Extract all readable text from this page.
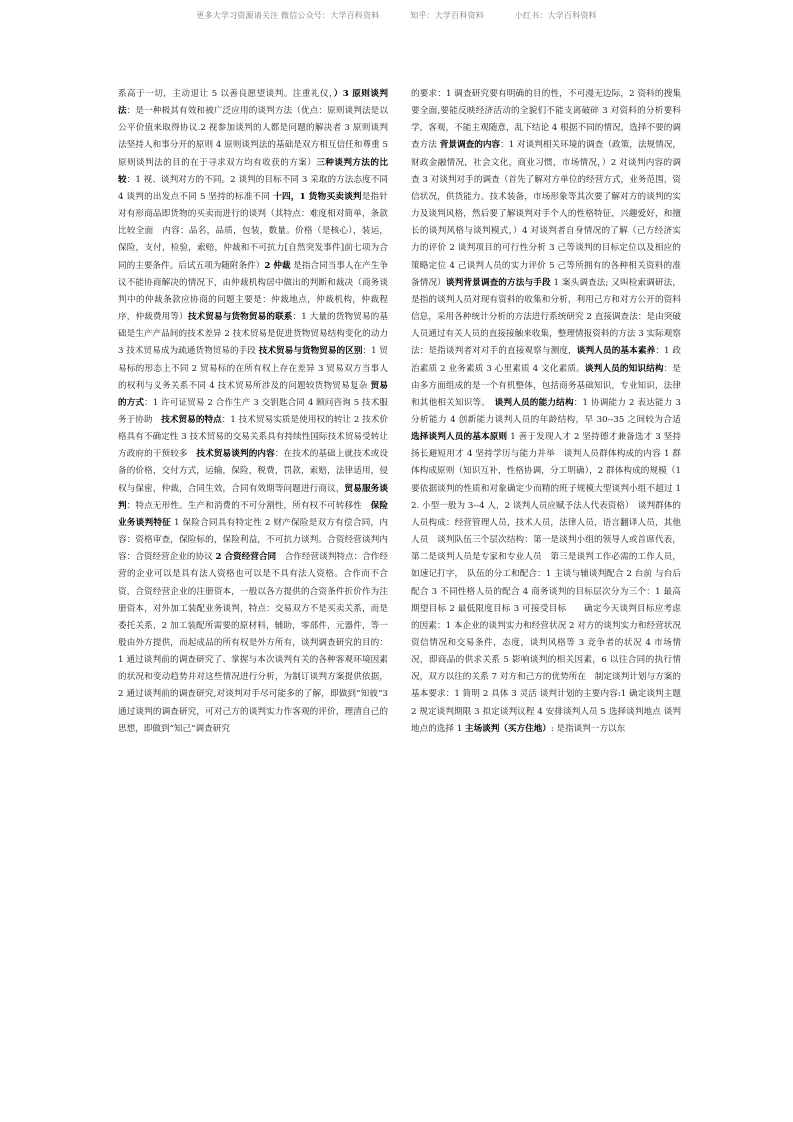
更多大学习资源请关注 微信公众号：大学百科资料	知乎：大学百科资料	小红书：大学百科资料
系高于一切，主动退让 5 以善良愿望谈判。注重礼仪，）3 原则谈判法：是一种极其有效和被广泛应用的谈判方法（优点：原则谈判法是以公平价值来取得协议.2 视参加谈判的人都是问题的解决者 3 原则谈判法坚持人和事分开的原则 4 原则谈判法的基础是双方相互信任和尊重 5 原则谈判法的目的在于寻求双方均有收获的方案）三种谈判方法的比较：1 视、谈判对方的不同。2 谈判的目标不同 3 采取的方法态度不同 4 谈判的出发点不同 5 坚持的标准不同 十四，1 货物买卖谈判是指针对有形商品即货物的买卖而进行的谈判（其特点：难度相对简单，条款比较全面　内容：品名，品质，包装，数量。价格（是核心），装运，保险，支付，检验，索赔，仲裁和不可抗力[自然突发事件]前七项为合同的主要条件。后试五项为随附条件）2 仲裁 是指合同当事人在产生争议不能协商解决的情况下，由仲裁机构居中做出的判断和裁决（商务谈判中的仲裁条款应协商的问题主要是：仲裁地点，仲裁机构，仲裁程序，仲裁费用等）技术贸易与货物贸易的联系：1 大量的货物贸易的基础是生产产品间的技术差异 2 技术贸易是促进货物贸易结构变化的动力 3 技术贸易成为疏通货物贸易的手段 技术贸易与货物贸易的区别：1 贸易标的形态上不同 2 贸易标的在所有权上存在差异 3 贸易双方当事人的权利与义务关系不同 4 技术贸易所涉及的问题较货物贸易复杂 贸易的方式：1 许可证贸易 2 合作生产 3 交钥匙合同 4 顾问咨询 5 技术服务于协助　技术贸易的特点：1 技术贸易实质是使用权的转让 2 技术价格具有不确定性 3 技术贸易的交易关系具有持续性国际技术贸易受转让方政府的干预较多　技术贸易谈判的内容：在技术的基础上就技术或设备的价格，交付方式，运输，保险，税费，罚款，索赔，法律适用，侵权与保密，仲裁，合同生效，合同有效期等问题进行商议，贸易服务谈判：特点无形性。生产和消费的不可分割性，所有权不可转移性　保险业务谈判特征 1 保险合同具有特定性 2 财产保险是双方有偿合同，内容：资格审查，保险标的，保险利益，不可抗力谈判。合资经营谈判内容：合资经营企业的协议 2 合资经营合同　合作经营谈判特点：合作经营的企业可以是具有法人资格也可以是不具有法人资格。合作而不合资，合资经营企业的注册资本，一般以各方提供的合资条件折价作为注册资本，对外加工装配业务谈判，特点：交易双方不是买卖关系，而是委托关系，2 加工装配所需要的原材料，辅助，零部件，元器件，等一般由外方提供，而起成品的所有权是外方所有，谈判调查研究的目的：1 通过谈判前的调查研究了、掌握与本次谈判有关的各种客观环境因素的状况和变动趋势并对这些情况进行分析，为制订谈判方案提供依据，2 通过谈判前的调查研究,对谈判对手尽可能多的了解，即做到“知彼”3 通过谈判的调查研究，可对己方的谈判实力作客观的评价，理清自己的思想，即做到“知己”调查研究
的要求：1 调查研究要有明确的目的性，不可漫无边际，2 资料的搜集要全面,要能反映经济活动的全貌们不能支离破碎 3 对资料的分析要科学，客观，不能主观随意，乱下结论 4 根据不同的情况，选择不要的调查方法 背景调查的内容：1 对谈判相关环境的调查（政策，法规情况，财政金融情况，社会文化，商业习惯，市场情况，）2 对谈判内容的调查 3 对谈判对手的调查（首先了解对方单位的经营方式，业务范围，资信状况，供货能力。技术装备，市场形象等其次要了解对方的谈判的实力及谈判风格，然后要了解谈判对手个人的性格特征，兴趣爱好，和擅长的谈判风格与谈判模式，）4 对谈判者自身情况的了解（己方经济实力的评价 2 谈判项目的可行性分析 3 己等谈判的目标定位以及相应的策略定位 4 己谈判人员的实力评价 5 己等所拥有的各种相关资料的准备情况）谈判背景调查的方法与手段 1 案头调查法; 又叫检索调研法，是指的谈判人员对现有资料的收集和分析，利用己方和对方公开的资料信息，采用各种统计分析的方法进行系统研究 2 直接调查法：是由突破人员通过有关人员的直接接触来收集，整理情报资料的方法 3 实际观察法：是指谈判者对对手的直接观察与测度，谈判人员的基本素养：1 政治素质 2 业务素质 3 心里素质 4 文化素质。谈判人员的知识结构：是由多方面组成的是一个有机整体，包括商务基础知识，专业知识，法律和其他相关知识等。　谈判人员的能力结构：1 协调能力 2 表达能力 3 分析能力 4 创新能力谈判人员的年龄结构，早 30--35 之间较为合适　选择谈判人员的基本原则 1 善于发现人才 2 坚持德才兼备选才 3 坚持扬长避短用才 4 坚持学历与能力并举　谈判人员群体构成的内容 1 群体构成原则（知识互补，性格协调，分工明确），2 群体构成的规模（1 要依据谈判的性质和对象确定少而精的班子规模大型谈判小组不超过 12. 小型一般为 3--4 人，2 谈判人员应赋予法人代表资格）　谈判群体的人员构成：经营管理人员，技术人员，法律人员，语言翻译人员，其他人员　谈判队伍三个层次结构：第一是谈判小组的领导人或首席代表，第二是谈判人员是专家和专业人员　第三是谈判工作必需的工作人员，如速记打字，　队伍的分工和配合：1 主谈与辅谈判配合 2 台前 与台后配合 3 不同性格人员的配合 4 商务谈判的目标层次分为三个：1 最高期望目标 2 最低限度目标 3 可接受目标　　确定今天谈判目标应考虑的因素：1 本企业的谈判实力和经营状况 2 对方的谈判实力和经营状况资信情况和交易条件，态度，谈判风格等 3 竞争者的状况 4 市场情况，即商品的供求关系 5 影响谈判的相关因素，6 以往合同的执行情况，双方以往的关系 7 对方和己方的优势所在　制定谈判计划与方案的基本要求：1 简明 2 具体 3 灵活 谈判计划的主要内容:1 确定谈判主题 2 规定谈判期限 3 拟定谈判议程 4 安排谈判人员 5 选择谈判地点 谈判地点的选择 1 主场谈判（买方住地）: 是指谈判一方以东
